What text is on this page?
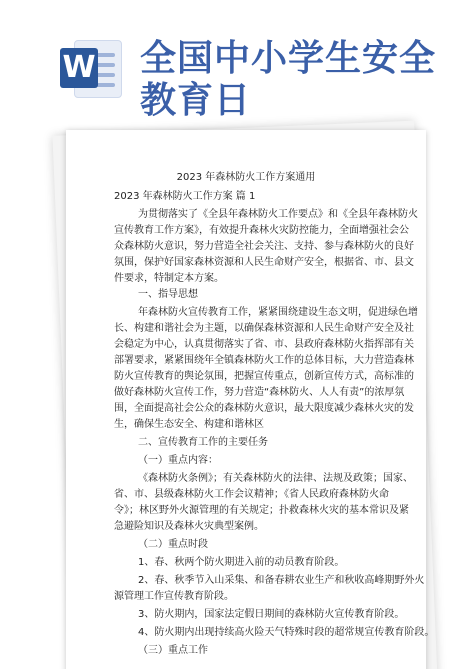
W 全国中小学生安全
教育日
2023 年森林防火工作方案通用
2023 年森林防火工作方案 篇 1
为贯彻落实了《全县年森林防火工作要点》和《全县年森林防火
宣传教育工作方案》，有效提升森林火灾防控能力，全面增强社会公
众森林防火意识，努力营造全社会关注、支持、参与森林防火的良好
氛围，保护好国家森林资源和人民生命财产安全，根据省、市、县文
件要求，特制定本方案。
一、指导思想
年森林防火宣传教育工作，紧紧围绕建设生态文明，促进绿色增
长、构建和谐社会为主题，以确保森林资源和人民生命财产安全及社
会稳定为中心，认真贯彻落实了省、市、县政府森林防火指挥部有关
部署要求，紧紧围绕年全镇森林防火工作的总体目标，大力营造森林
防火宣传教育的舆论氛围，把握宣传重点，创新宣传方式，高标准的
做好森林防火宣传工作，努力营造“森林防火、人人有责”的浓厚氛
围，全面提高社会公众的森林防火意识，最大限度减少森林火灾的发
生，确保生态安全、构建和谐林区
二、宣传教育工作的主要任务
（一）重点内容：
《森林防火条例》；有关森林防火的法律、法规及政策；国家、
省、市、县级森林防火工作会议精神；《省人民政府森林防火命
令》；林区野外火源管理的有关规定；扑救森林火灾的基本常识及紧
急避险知识及森林火灾典型案例。
（二）重点时段
1、春、秋两个防火期进入前的动员教育阶段。
2、春、秋季节入山采集、和备春耕农业生产和秋收高峰期野外火
源管理工作宣传教育阶段。
3、防火期内，国家法定假日期间的森林防火宣传教育阶段。
4、防火期内出现持续高火险天气特殊时段的超常规宣传教育阶段。
（三）重点工作
